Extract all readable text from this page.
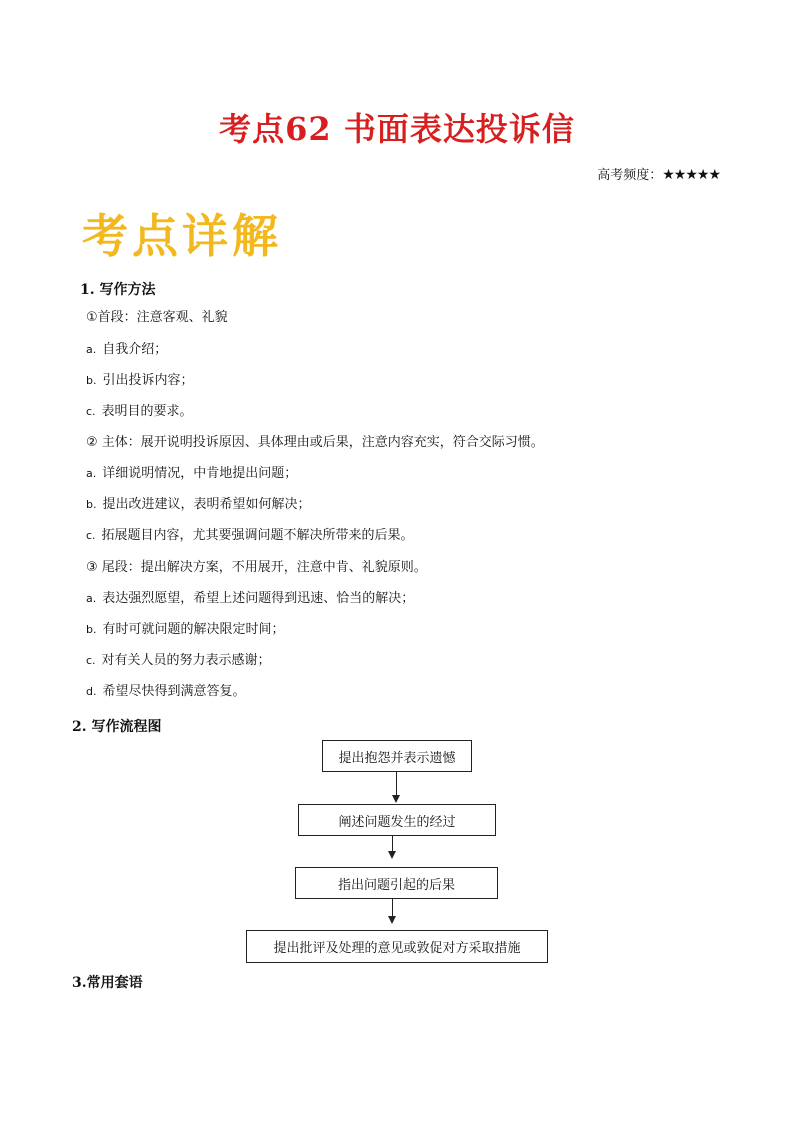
考点62 书面表达投诉信
高考频度：★★★★★
考点详解
1. 写作方法
①首段：注意客观、礼貌
a. 自我介绍；
b. 引出投诉内容；
c. 表明目的要求。
② 主体：展开说明投诉原因、具体理由或后果，注意内容充实，符合交际习惯。
a. 详细说明情况，中肯地提出问题；
b. 提出改进建议，表明希望如何解决；
c. 拓展题目内容，尤其要强调问题不解决所带来的后果。
③ 尾段：提出解决方案，不用展开，注意中肯、礼貌原则。
a. 表达强烈愿望，希望上述问题得到迅速、恰当的解决；
b. 有时可就问题的解决限定时间；
c. 对有关人员的努力表示感谢；
d. 希望尽快得到满意答复。
2. 写作流程图
提出抱怨并表示遗憾
阐述问题发生的经过
指出问题引起的后果
提出批评及处理的意见或敦促对方采取措施
3.常用套语
